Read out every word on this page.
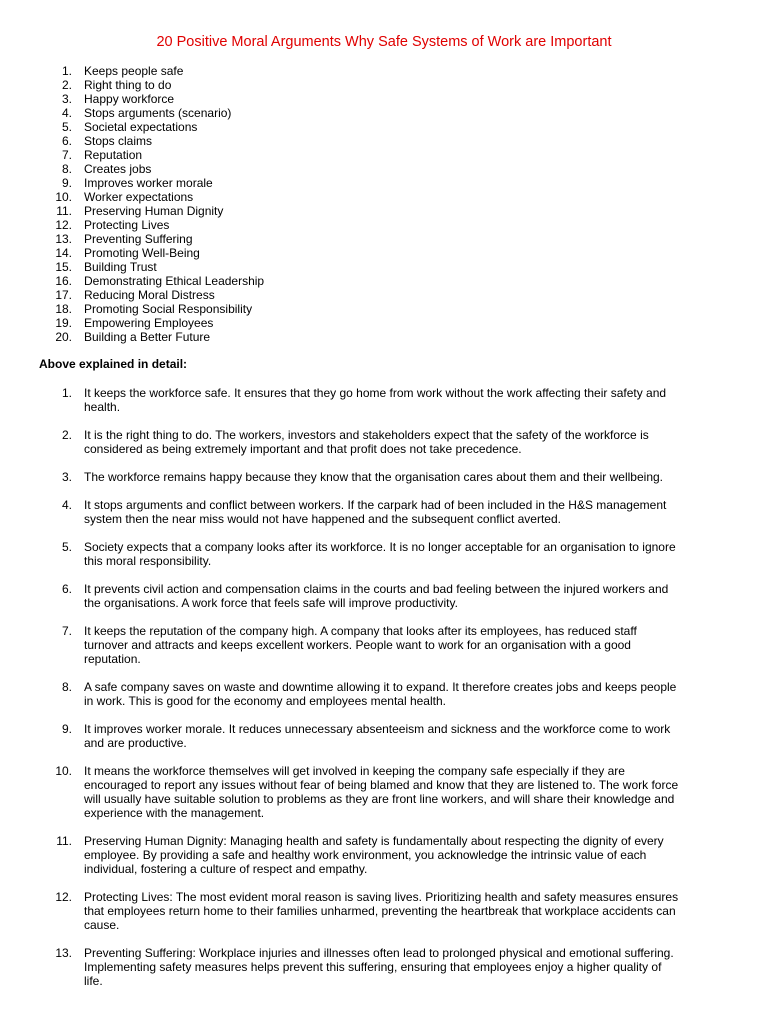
20 Positive Moral Arguments Why Safe Systems of Work are Important
1. Keeps people safe
2. Right thing to do
3. Happy workforce
4. Stops arguments (scenario)
5. Societal expectations
6. Stops claims
7. Reputation
8. Creates jobs
9. Improves worker morale
10. Worker expectations
11. Preserving Human Dignity
12. Protecting Lives
13. Preventing Suffering
14. Promoting Well-Being
15. Building Trust
16. Demonstrating Ethical Leadership
17. Reducing Moral Distress
18. Promoting Social Responsibility
19. Empowering Employees
20. Building a Better Future
Above explained in detail:
1. It keeps the workforce safe. It ensures that they go home from work without the work affecting their safety and
health.
2. It is the right thing to do. The workers, investors and stakeholders expect that the safety of the workforce is
considered as being extremely important and that profit does not take precedence.
3. The workforce remains happy because they know that the organisation cares about them and their wellbeing.
4. It stops arguments and conflict between workers. If the carpark had of been included in the H&S management
system then the near miss would not have happened and the subsequent conflict averted.
5. Society expects that a company looks after its workforce. It is no longer acceptable for an organisation to ignore
this moral responsibility.
6. It prevents civil action and compensation claims in the courts and bad feeling between the injured workers and
the organisations. A work force that feels safe will improve productivity.
7. It keeps the reputation of the company high. A company that looks after its employees, has reduced staff
turnover and attracts and keeps excellent workers. People want to work for an organisation with a good
reputation.
8. A safe company saves on waste and downtime allowing it to expand. It therefore creates jobs and keeps people
in work. This is good for the economy and employees mental health.
9. It improves worker morale. It reduces unnecessary absenteeism and sickness and the workforce come to work
and are productive.
10. It means the workforce themselves will get involved in keeping the company safe especially if they are
encouraged to report any issues without fear of being blamed and know that they are listened to. The work force
will usually have suitable solution to problems as they are front line workers, and will share their knowledge and
experience with the management.
11. Preserving Human Dignity: Managing health and safety is fundamentally about respecting the dignity of every
employee. By providing a safe and healthy work environment, you acknowledge the intrinsic value of each
individual, fostering a culture of respect and empathy.
12. Protecting Lives: The most evident moral reason is saving lives. Prioritizing health and safety measures ensures
that employees return home to their families unharmed, preventing the heartbreak that workplace accidents can
cause.
13. Preventing Suffering: Workplace injuries and illnesses often lead to prolonged physical and emotional suffering.
Implementing safety measures helps prevent this suffering, ensuring that employees enjoy a higher quality of
life.
